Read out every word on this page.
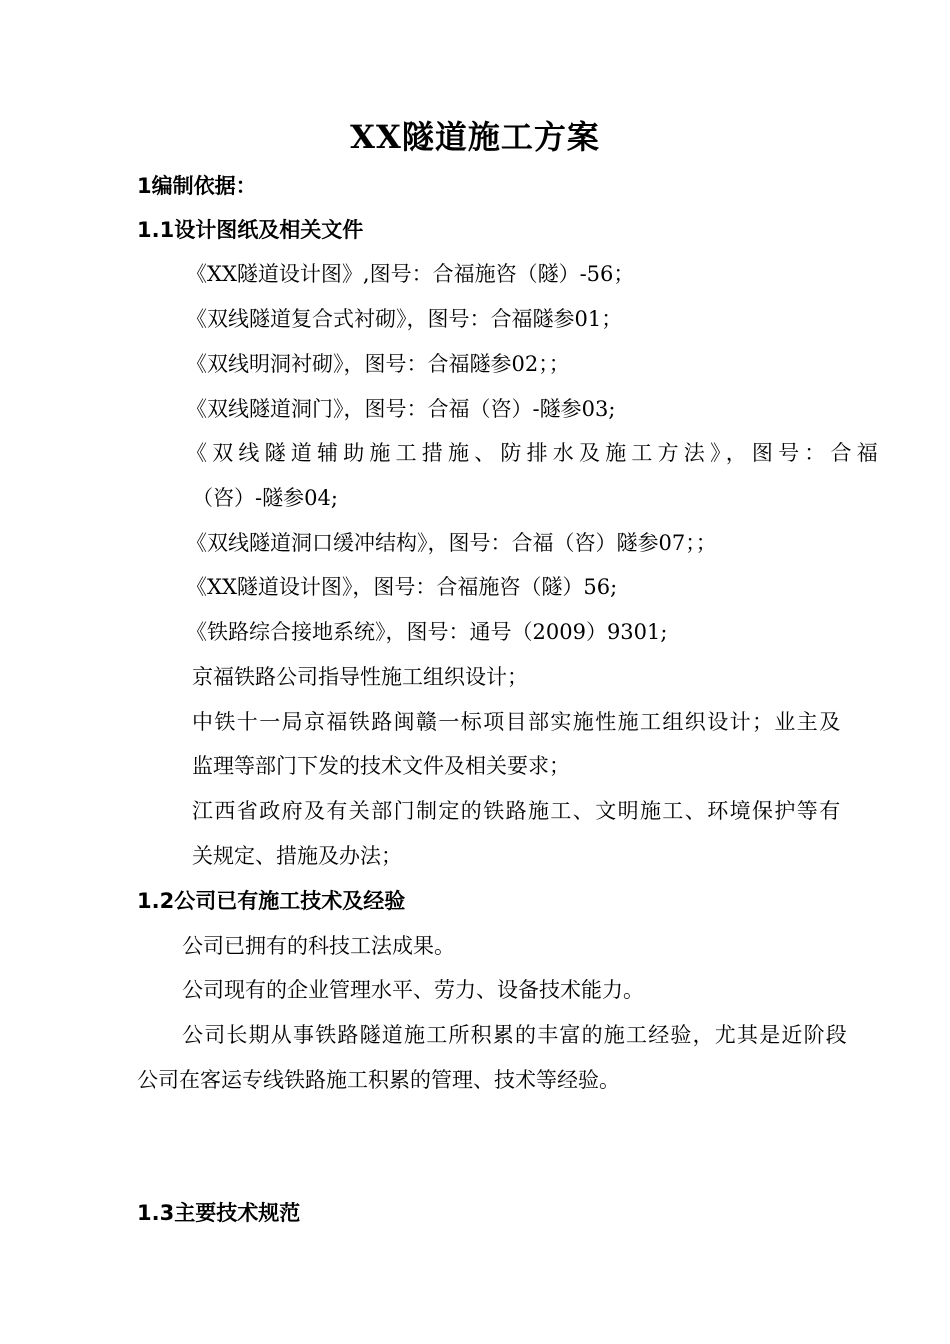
XX隧道施工方案
1编制依据：
1.1设计图纸及相关文件
《XX隧道设计图》,图号：合福施咨（隧）-56；
《双线隧道复合式衬砌》，图号：合福隧参01；
《双线明洞衬砌》，图号：合福隧参02；；
《双线隧道洞门》，图号：合福（咨）-隧参03;
《双线隧道辅助施工措施、防排水及施工方法》，图号：合福
（咨）-隧参04;
《双线隧道洞口缓冲结构》，图号：合福（咨）隧参07；；
《XX隧道设计图》，图号：合福施咨（隧）56;
《铁路综合接地系统》，图号：通号（2009）9301;
京福铁路公司指导性施工组织设计；
中铁十一局京福铁路闽赣一标项目部实施性施工组织设计；业主及
监理等部门下发的技术文件及相关要求；
江西省政府及有关部门制定的铁路施工、文明施工、环境保护等有
关规定、措施及办法；
1.2公司已有施工技术及经验
公司已拥有的科技工法成果。
公司现有的企业管理水平、劳力、设备技术能力。
公司长期从事铁路隧道施工所积累的丰富的施工经验，尤其是近阶段
公司在客运专线铁路施工积累的管理、技术等经验。
1.3主要技术规范
